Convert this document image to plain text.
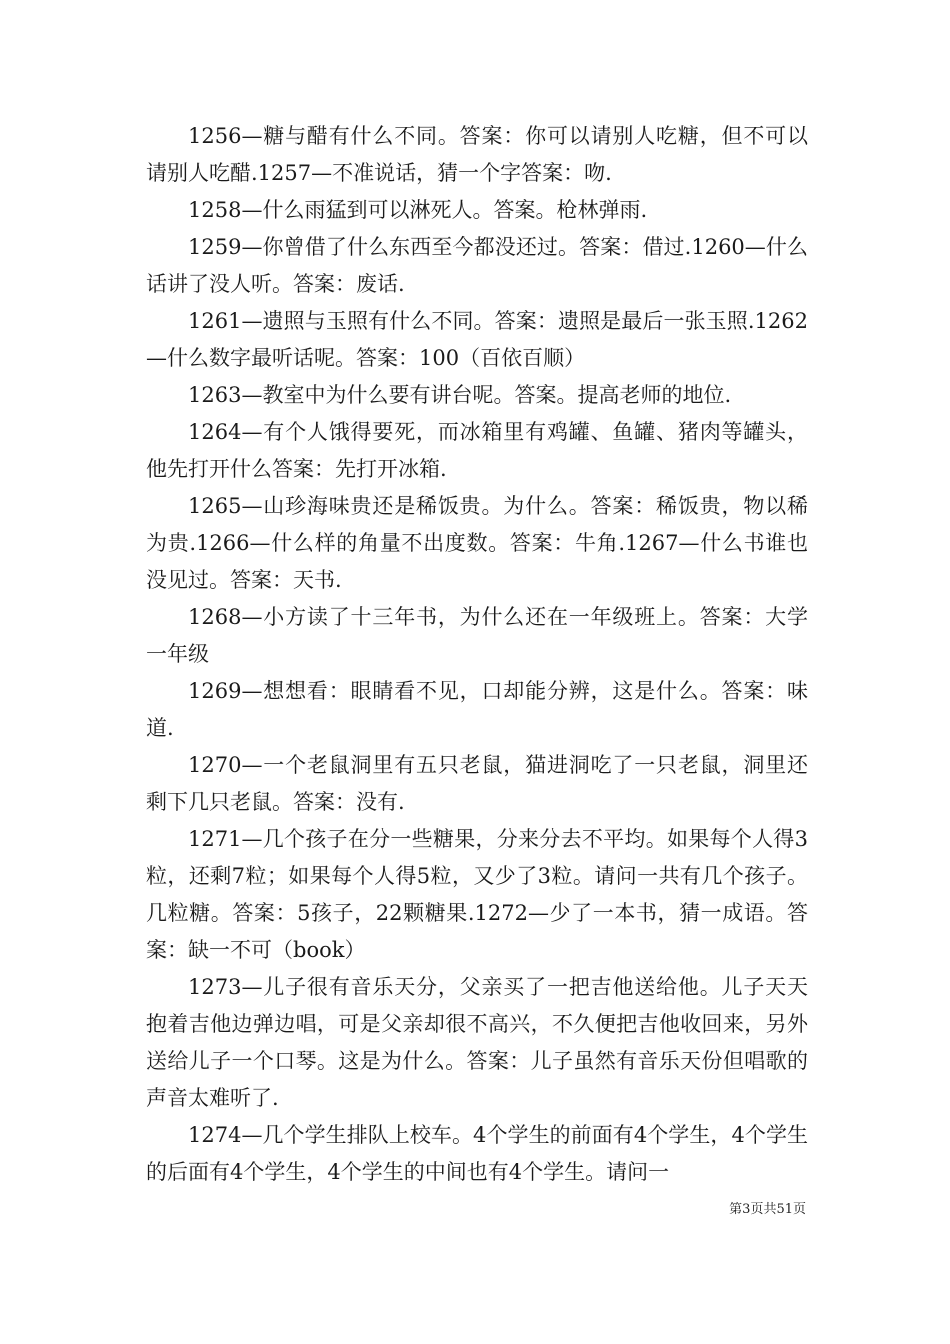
1256—糖与醋有什么不同。答案：你可以请别人吃糖，但不可以请别人吃醋.1257—不准说话，猜一个字答案：吻.

1258—什么雨猛到可以淋死人。答案。枪林弹雨.

1259—你曾借了什么东西至今都没还过。答案：借过.1260—什么话讲了没人听。答案：废话.

1261—遗照与玉照有什么不同。答案：遗照是最后一张玉照.1262—什么数字最听话呢。答案：100（百依百顺）

1263—教室中为什么要有讲台呢。答案。提高老师的地位.

1264—有个人饿得要死，而冰箱里有鸡罐、鱼罐、猪肉等罐头，他先打开什么答案：先打开冰箱.

1265—山珍海味贵还是稀饭贵。为什么。答案：稀饭贵，物以稀为贵.1266—什么样的角量不出度数。答案：牛角.1267—什么书谁也没见过。答案：天书.

1268—小方读了十三年书，为什么还在一年级班上。答案：大学一年级

1269—想想看：眼睛看不见，口却能分辨，这是什么。答案：味道.

1270—一个老鼠洞里有五只老鼠，猫进洞吃了一只老鼠，洞里还剩下几只老鼠。答案：没有.

1271—几个孩子在分一些糖果，分来分去不平均。如果每个人得3粒，还剩7粒；如果每个人得5粒，又少了3粒。请问一共有几个孩子。几粒糖。答案：5孩子，22颗糖果.1272—少了一本书，猜一成语。答案：缺一不可（book）

1273—儿子很有音乐天分，父亲买了一把吉他送给他。儿子天天抱着吉他边弹边唱，可是父亲却很不高兴，不久便把吉他收回来，另外送给儿子一个口琴。这是为什么。答案：儿子虽然有音乐天份但唱歌的声音太难听了.

1274—几个学生排队上校车。4个学生的前面有4个学生，4个学生的后面有4个学生，4个学生的中间也有4个学生。请问一

第3页共51页
